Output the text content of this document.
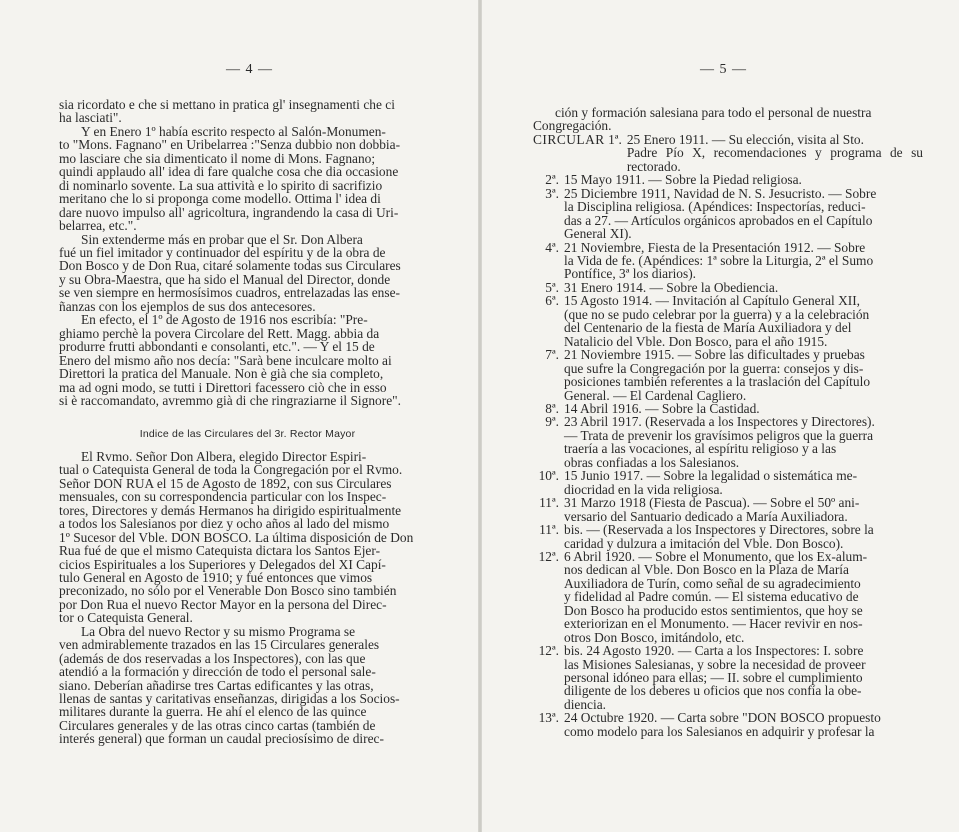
— 4 —

sia ricordato e che si mettano in pratica gl' insegnamenti che ci

ha lasciati".

Y en Enero 1º había escrito respecto al Salón-Monumen-

to "Mons. Fagnano" en Uribelarrea :"Senza dubbio non dobbia-

mo lasciare che sia dimenticato il nome di Mons. Fagnano;

quindi applaudo all' idea di fare qualche cosa che dia occasione

di nominarlo sovente. La sua attività e lo spirito di sacrifizio

meritano che lo si proponga come modello. Ottima l' idea di

dare nuovo impulso all' agricoltura, ingrandendo la casa di Uri-

belarrea, etc.".

Sin extenderme más en probar que el Sr. Don Albera

fué un fiel imitador y continuador del espíritu y de la obra de

Don Bosco y de Don Rua, citaré solamente todas sus Circulares

y su Obra-Maestra, que ha sido el Manual del Director, donde

se ven siempre en hermosísimos cuadros, entrelazadas las ense-

ñanzas con los ejemplos de sus dos antecesores.

En efecto, el 1º de Agosto de 1916 nos escribía: "Pre-

ghiamo perchè la povera Circolare del Rett. Magg. abbia da

produrre frutti abbondanti e consolanti, etc.". — Y el 15 de

Enero del mismo año nos decía: "Sarà bene inculcare molto ai

Direttori la pratica del Manuale. Non è già che sia completo,

ma ad ogni modo, se tutti i Direttori facessero ciò che in esso

si è raccomandato, avremmo già di che ringraziarne il Signore".

Indice de las Circulares del 3r. Rector Mayor

El Rvmo. Señor Don Albera, elegido Director Espiri-

tual o Catequista General de toda la Congregación por el Rvmo.

Señor DON RUA el 15 de Agosto de 1892, con sus Circulares

mensuales, con su correspondencia particular con los Inspec-

tores, Directores y demás Hermanos ha dirigido espiritualmente

a todos los Salesianos por diez y ocho años al lado del mismo

1º Sucesor del Vble. DON BOSCO. La última disposición de Don

Rua fué de que el mismo Catequista dictara los Santos Ejer-

cicios Espirituales a los Superiores y Delegados del XI Capí-

tulo General en Agosto de 1910; y fué entonces que vimos

preconizado, no sólo por el Venerable Don Bosco sino también

por Don Rua el nuevo Rector Mayor en la persona del Direc-

tor o Catequista General.

La Obra del nuevo Rector y su mismo Programa se

ven admirablemente trazados en las 15 Circulares generales

(además de dos reservadas a los Inspectores), con las que

atendió a la formación y dirección de todo el personal sale-

siano. Deberían añadirse tres Cartas edificantes y las otras,

llenas de santas y caritativas enseñanzas, dirigidas a los Socios-

militares durante la guerra. He ahí el elenco de las quince

Circulares generales y de las otras cinco cartas (también de

interés general) que forman un caudal preciosísimo de direc-

— 5 —

ción y formación salesiana para todo el personal de nuestra

Congregación.

CIRCULAR 1ª. 25 Enero 1911. — Su elección, visita al Sto.
Padre Pío X, recomendaciones y programa de su rectorado.
2ª. 15 Mayo 1911. — Sobre la Piedad religiosa.
3ª. 25 Diciembre 1911, Navidad de N. S. Jesucristo. — Sobre
la Disciplina religiosa. (Apéndices: Inspectorías, reduci-
das a 27. — Artículos orgánicos aprobados en el Capítulo
General XI).
4ª. 21 Noviembre, Fiesta de la Presentación 1912. — Sobre
la Vida de fe. (Apéndices: 1ª sobre la Liturgia, 2ª el Sumo
Pontífice, 3ª los diarios).
5ª. 31 Enero 1914. — Sobre la Obediencia.
6ª. 15 Agosto 1914. — Invitación al Capítulo General XII,
(que no se pudo celebrar por la guerra) y a la celebración
del Centenario de la fiesta de María Auxiliadora y del
Natalicio del Vble. Don Bosco, para el año 1915.
7ª. 21 Noviembre 1915. — Sobre las dificultades y pruebas
que sufre la Congregación por la guerra: consejos y dis-
posiciones también referentes a la traslación del Capítulo
General. — El Cardenal Cagliero.
8ª. 14 Abril 1916. — Sobre la Castidad.
9ª. 23 Abril 1917. (Reservada a los Inspectores y Directores).
— Trata de prevenir los gravísimos peligros que la guerra
traería a las vocaciones, al espíritu religioso y a las
obras confiadas a los Salesianos.
10ª. 15 Junio 1917. — Sobre la legalidad o sistemática me-
diocridad en la vida religiosa.
11ª. 31 Marzo 1918 (Fiesta de Pascua). — Sobre el 50º ani-
versario del Santuario dedicado a María Auxiliadora.
11ª. bis. — (Reservada a los Inspectores y Directores, sobre la
caridad y dulzura a imitación del Vble. Don Bosco).
12ª. 6 Abril 1920. — Sobre el Monumento, que los Ex-alum-
nos dedican al Vble. Don Bosco en la Plaza de María
Auxiliadora de Turín, como señal de su agradecimiento
y fidelidad al Padre común. — El sistema educativo de
Don Bosco ha producido estos sentimientos, que hoy se
exteriorizan en el Monumento. — Hacer revivir en nos-
otros Don Bosco, imitándolo, etc.
12ª. bis. 24 Agosto 1920. — Carta a los Inspectores: I. sobre
las Misiones Salesianas, y sobre la necesidad de proveer
personal idóneo para ellas; — II. sobre el cumplimiento
diligente de los deberes u oficios que nos confía la obe-
diencia.
13ª. 24 Octubre 1920. — Carta sobre "DON BOSCO propuesto
como modelo para los Salesianos en adquirir y profesar la
